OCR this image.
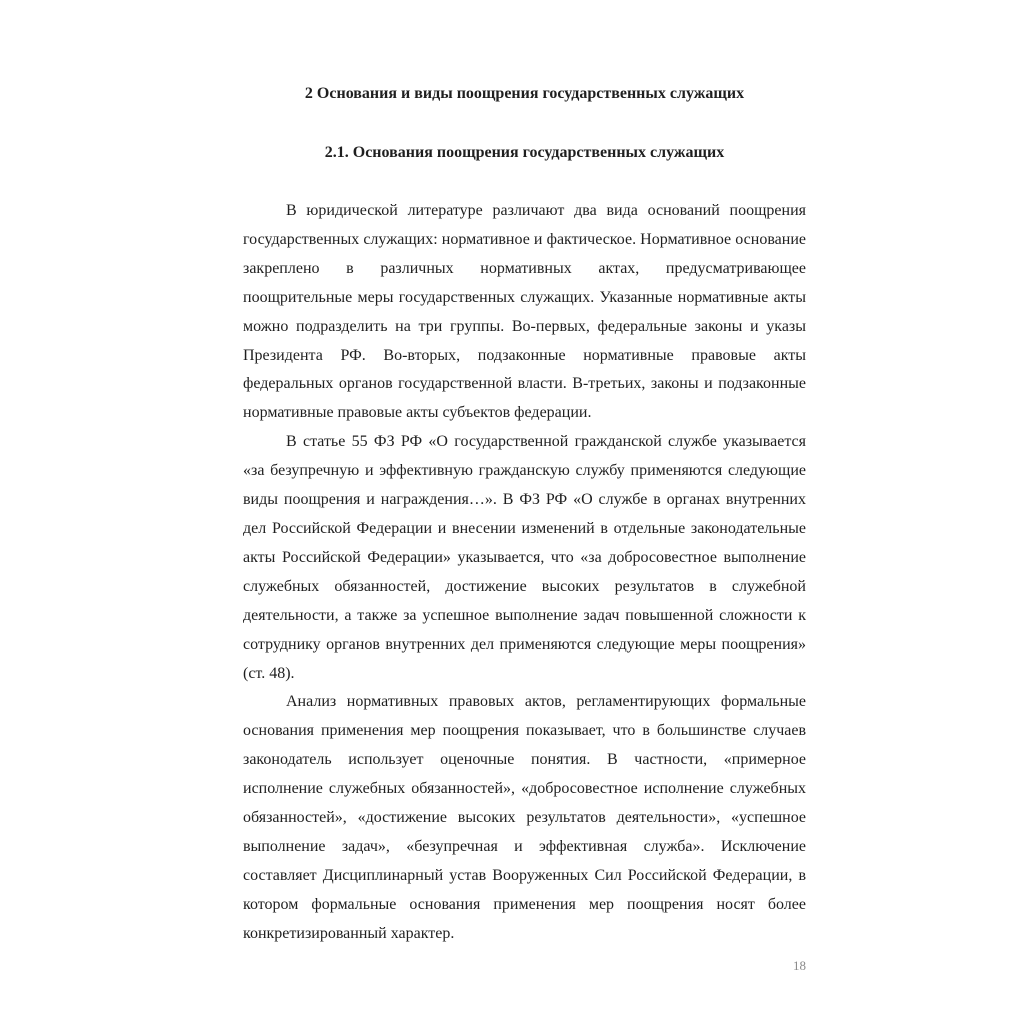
2 Основания и виды поощрения государственных служащих
2.1. Основания поощрения государственных служащих

В юридической литературе различают два вида оснований поощрения государственных служащих: нормативное и фактическое. Нормативное основание закреплено в различных нормативных актах, предусматривающее поощрительные меры государственных служащих. Указанные нормативные акты можно подразделить на три группы. Во-первых, федеральные законы и указы Президента РФ. Во-вторых, подзаконные нормативные правовые акты федеральных органов государственной власти. В-третьих, законы и подзаконные нормативные правовые акты субъектов федерации.

В статье 55 ФЗ РФ «О государственной гражданской службе указывается «за безупречную и эффективную гражданскую службу применяются следующие виды поощрения и награждения…». В ФЗ РФ «О службе в органах внутренних дел Российской Федерации и внесении изменений в отдельные законодательные акты Российской Федерации» указывается, что «за добросовестное выполнение служебных обязанностей, достижение высоких результатов в служебной деятельности, а также за успешное выполнение задач повышенной сложности к сотруднику органов внутренних дел применяются следующие меры поощрения» (ст. 48).

Анализ нормативных правовых актов, регламентирующих формальные основания применения мер поощрения показывает, что в большинстве случаев законодатель использует оценочные понятия. В частности, «примерное исполнение служебных обязанностей», «добросовестное исполнение служебных обязанностей», «достижение высоких результатов деятельности», «успешное выполнение задач», «безупречная и эффективная служба». Исключение составляет Дисциплинарный устав Вооруженных Сил Российской Федерации, в котором формальные основания применения мер поощрения носят более конкретизированный характер.

18
